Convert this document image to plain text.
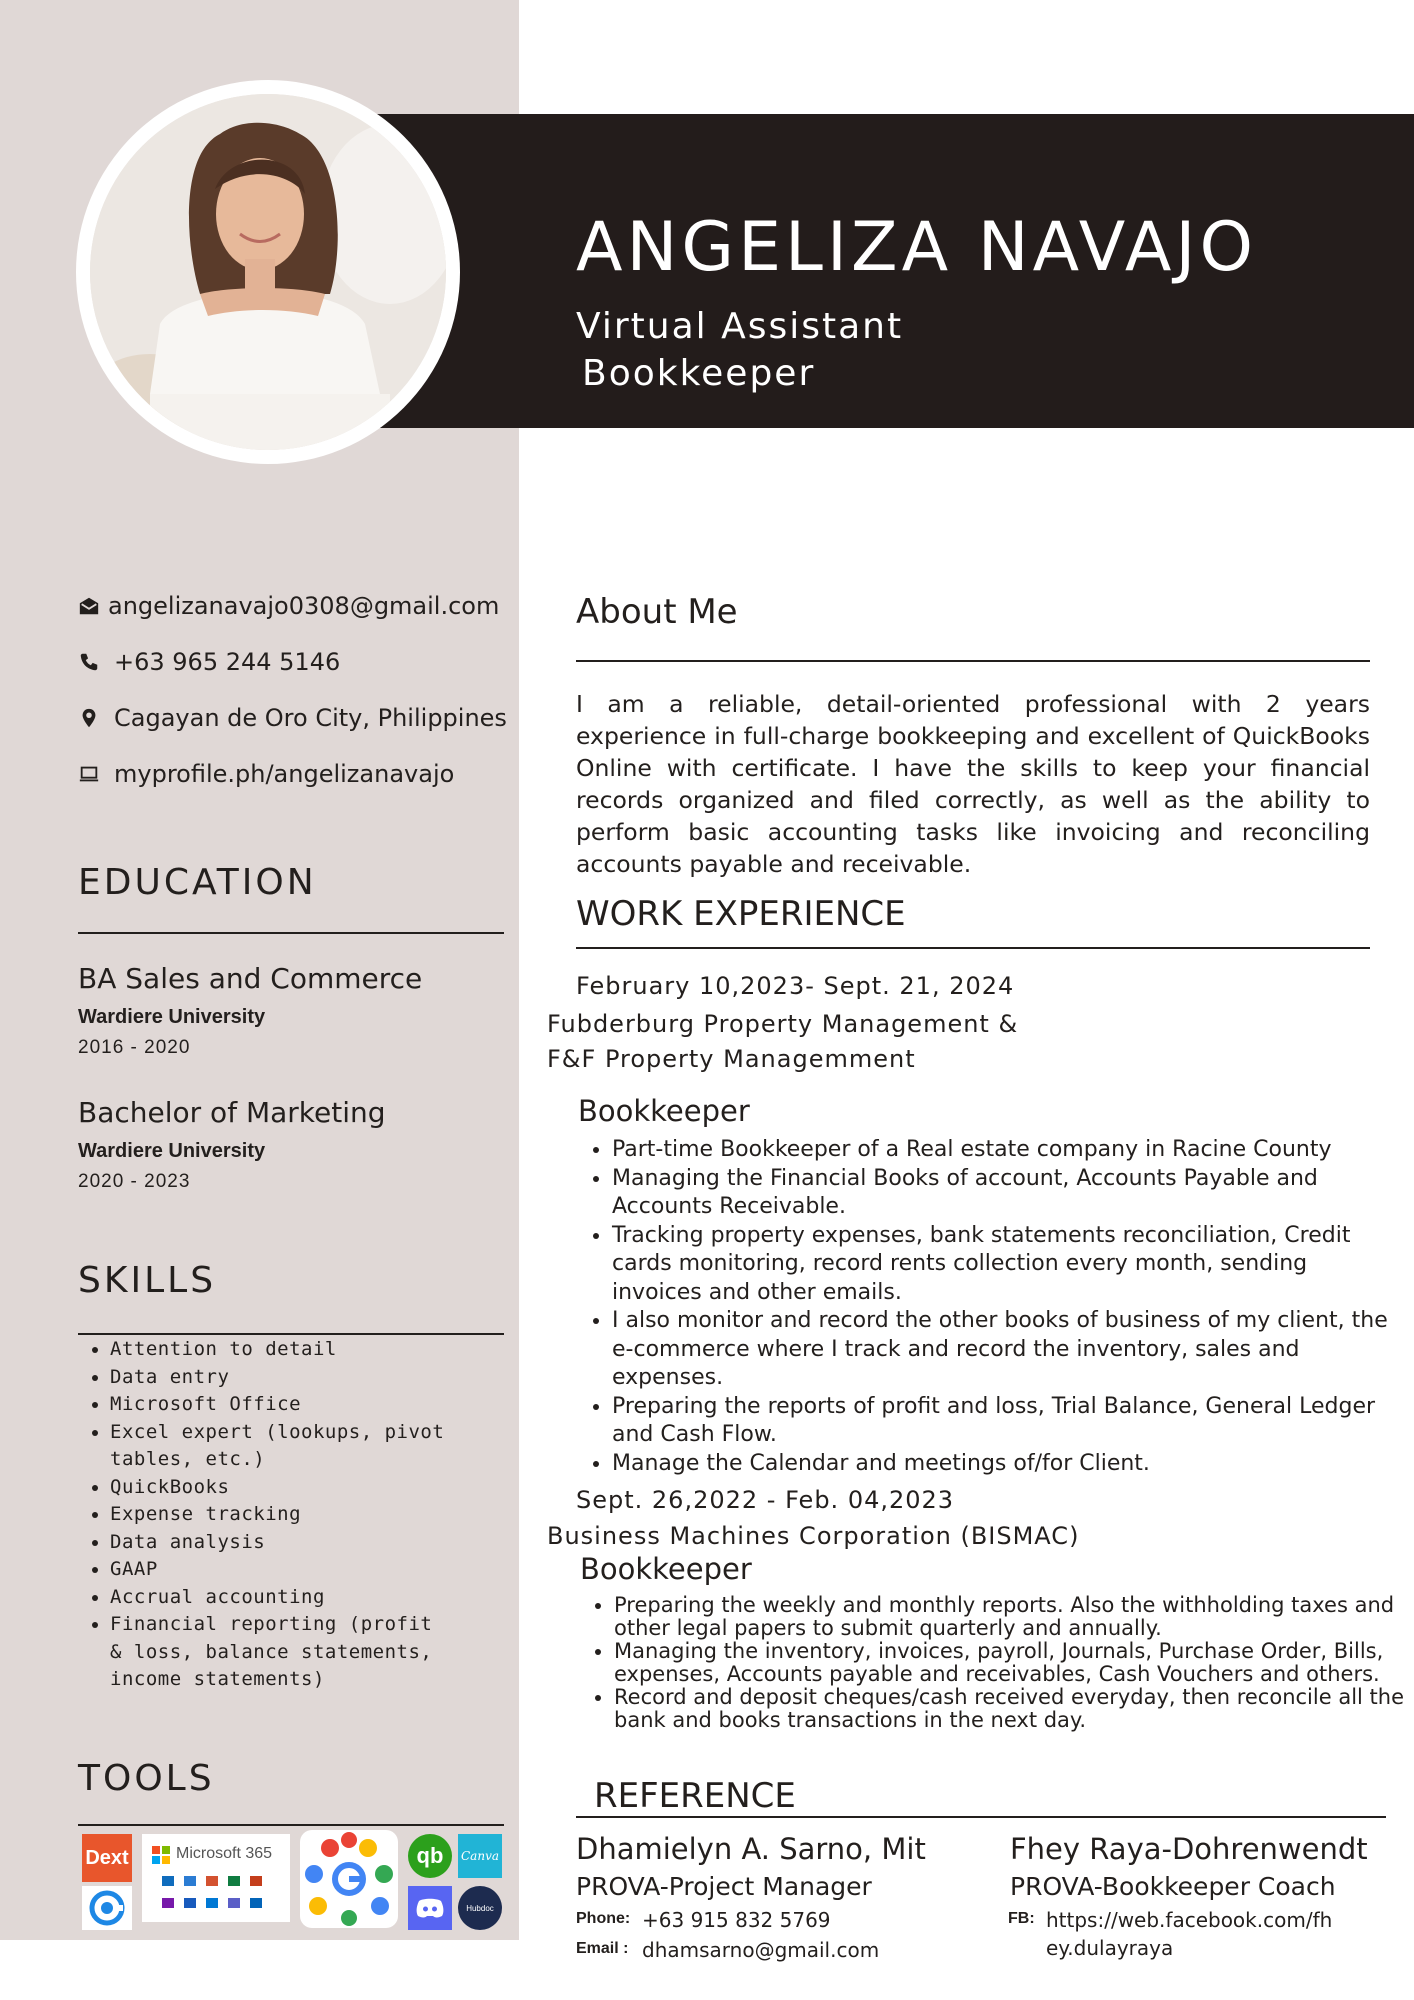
ANGELIZA NAVAJO
Virtual Assistant
Bookkeeper
angelizanavajo0308@gmail.com
+63 965 244 5146
Cagayan de Oro City, Philippines
myprofile.ph/angelizanavajo
EDUCATION
BA Sales and Commerce
Wardiere University
2016 - 2020
Bachelor of Marketing
Wardiere University
2020 - 2023
SKILLS
• Attention to detail
• Data entry
• Microsoft Office
• Excel expert (lookups, pivot tables, etc.)
• QuickBooks
• Expense tracking
• Data analysis
• GAAP
• Accrual accounting
• Financial reporting (profit & loss, balance statements, income statements)
TOOLS
Dext	Microsoft 365	qb Canva
Hubdoc
About Me
I am a reliable, detail-oriented professional with 2 years experience in full-charge bookkeeping and excellent of QuickBooks Online with certificate. I have the skills to keep your financial records organized and filed correctly, as well as the ability to perform basic accounting tasks like invoicing and reconciling accounts payable and receivable.
WORK EXPERIENCE
February 10,2023- Sept. 21, 2024
Fubderburg Property Management &
F&F Property Managemment
Bookkeeper
• Part-time Bookkeeper of a Real estate company in Racine County
• Managing the Financial Books of account, Accounts Payable and Accounts Receivable.
• Tracking property expenses, bank statements reconciliation, Credit cards monitoring, record rents collection every month, sending invoices and other emails.
• I also monitor and record the other books of business of my client, the e-commerce where I track and record the inventory, sales and expenses.
• Preparing the reports of profit and loss, Trial Balance, General Ledger and Cash Flow.
• Manage the Calendar and meetings of/for Client.
Sept. 26,2022 - Feb. 04,2023
Business Machines Corporation (BISMAC)
Bookkeeper
• Preparing the weekly and monthly reports. Also the withholding taxes and other legal papers to submit quarterly and annually.
• Managing the inventory, invoices, payroll, Journals, Purchase Order, Bills, expenses, Accounts payable and receivables, Cash Vouchers and others.
• Record and deposit cheques/cash received everyday, then reconcile all the bank and books transactions in the next day.
REFERENCE
Dhamielyn A. Sarno, Mit
PROVA-Project Manager
Phone: +63 915 832 5769
Email : dhamsarno@gmail.com
Fhey Raya-Dohrenwendt
PROVA-Bookkeeper Coach
FB: https://web.facebook.com/fh
ey.dulayraya
